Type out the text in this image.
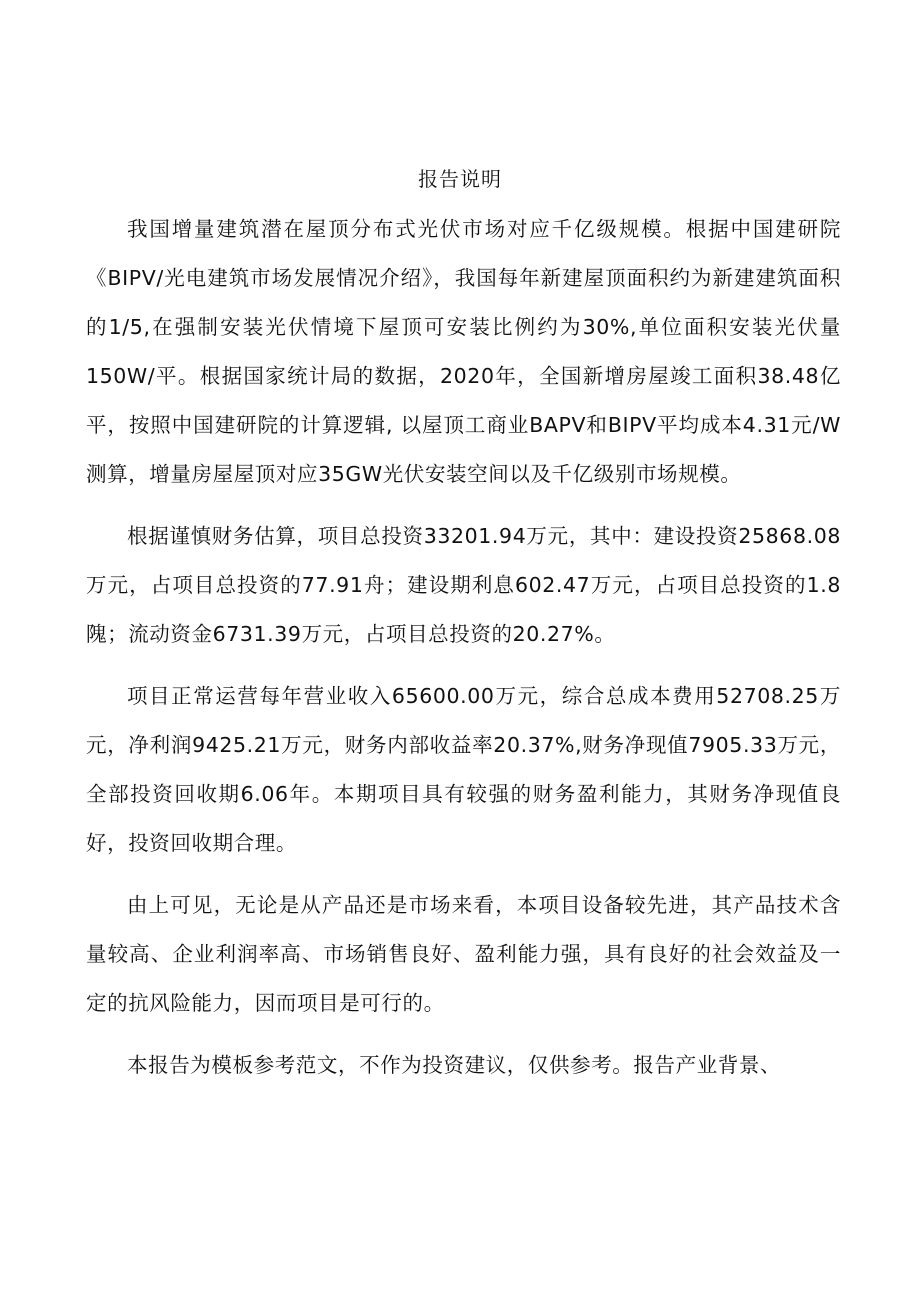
报告说明

我国增量建筑潜在屋顶分布式光伏市场对应千亿级规模。根据中国建研院《BIPV/光电建筑市场发展情况介绍》，我国每年新建屋顶面积约为新建建筑面积的1/5,在强制安装光伏情境下屋顶可安装比例约为30%,单位面积安装光伏量150W/平。根据国家统计局的数据，2020年，全国新增房屋竣工面积38.48亿平，按照中国建研院的计算逻辑, 以屋顶工商业BAPV和BIPV平均成本4.31元/W测算，增量房屋屋顶对应35GW光伏安装空间以及千亿级别市场规模。

根据谨慎财务估算，项目总投资33201.94万元，其中：建设投资25868.08万元，占项目总投资的77.91舟；建设期利息602.47万元，占项目总投资的1.8隗；流动资金6731.39万元，占项目总投资的20.27%。

项目正常运营每年营业收入65600.00万元，综合总成本费用52708.25万元，净利润9425.21万元，财务内部收益率20.37%,财务净现值7905.33万元，全部投资回收期6.06年。本期项目具有较强的财务盈利能力，其财务净现值良好，投资回收期合理。

由上可见，无论是从产品还是市场来看，本项目设备较先进，其产品技术含量较高、企业利润率高、市场销售良好、盈利能力强，具有良好的社会效益及一定的抗风险能力，因而项目是可行的。

本报告为模板参考范文，不作为投资建议，仅供参考。报告产业背景、
